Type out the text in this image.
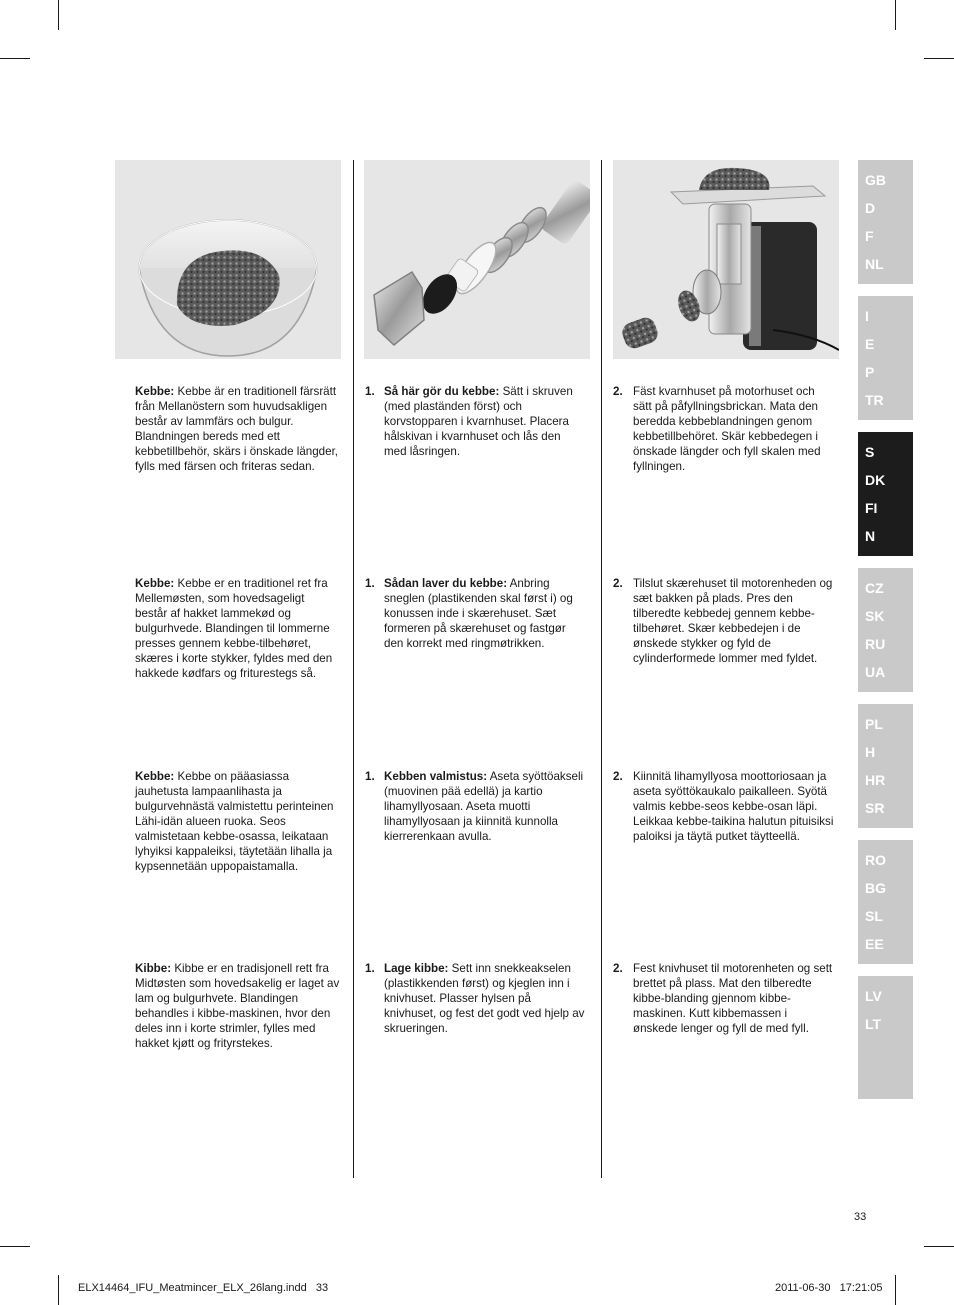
Kebbe: Kebbe är en traditionell färsrätt från Mellanöstern som huvudsakligen består av lammfärs och bulgur. Blandningen bereds med ett kebbetillbehör, skärs i önskade längder, fylls med färsen och friteras sedan.
1. Så här gör du kebbe: Sätt i skruven (med plaständen först) och korvstopparen i kvarnhuset. Placera hålskivan i kvarnhuset och lås den med låsringen.
2. Fäst kvarnhuset på motorhuset och sätt på påfyllningsbrickan. Mata den beredda kebbeblandningen genom kebbetillbehöret. Skär kebbedegen i önskade längder och fyll skalen med fyllningen.
Kebbe: Kebbe er en traditionel ret fra Mellemøsten, som hovedsageligt består af hakket lammekød og bulgurhvede. Blandingen til lommerne presses gennem kebbe-tilbehøret, skæres i korte stykker, fyldes med den hakkede kødfars og friturestegs så.
1. Sådan laver du kebbe: Anbring sneglen (plastikenden skal først i) og konussen inde i skærehuset. Sæt formeren på skærehuset og fastgør den korrekt med ringmøtrikken.
2. Tilslut skærehuset til motorenheden og sæt bakken på plads. Pres den tilberedte kebbedej gennem kebbe-tilbehøret. Skær kebbedejen i de ønskede stykker og fyld de cylinderformede lommer med fyldet.
Kebbe: Kebbe on pääasiassa jauhetusta lampaanlihasta ja bulgurvehnästä valmistettu perinteinen Lähi-idän alueen ruoka. Seos valmistetaan kebbe-osassa, leikataan lyhyiksi kappaleiksi, täytetään lihalla ja kypsennetään uppopaistamalla.
1. Kebben valmistus: Aseta syöttöakseli (muovinen pää edellä) ja kartio lihamyllyosaan. Aseta muotti lihamyllyosaan ja kiinnitä kunnolla kierrerenkaan avulla.
2. Kiinnitä lihamyllyosa moottoriosaan ja aseta syöttökaukalo paikalleen. Syötä valmis kebbe-seos kebbe-osan läpi. Leikkaa kebbe-taikina halutun pituisiksi paloiksi ja täytä putket täytteellä.
Kibbe: Kibbe er en tradisjonell rett fra Midtøsten som hovedsakelig er laget av lam og bulgurhvete. Blandingen behandles i kibbe-maskinen, hvor den deles inn i korte strimler, fylles med hakket kjøtt og frityrstekes.
1. Lage kibbe: Sett inn snekkeakselen (plastikkenden først) og kjeglen inn i knivhuset. Plasser hylsen på knivhuset, og fest det godt ved hjelp av skrueringen.
2. Fest knivhuset til motorenheten og sett brettet på plass. Mat den tilberedte kibbe-blanding gjennom kibbe-maskinen. Kutt kibbemassen i ønskede lenger og fyll de med fyll.
GB
D
F
NL
I
E
P
TR
S
DK
FI
N
CZ
SK
RU
UA
PL
H
HR
SR
RO
BG
SL
EE
LV
LT
33
ELX14464_IFU_Meatmincer_ELX_26lang.indd   33	2011-06-30   17:21:05
